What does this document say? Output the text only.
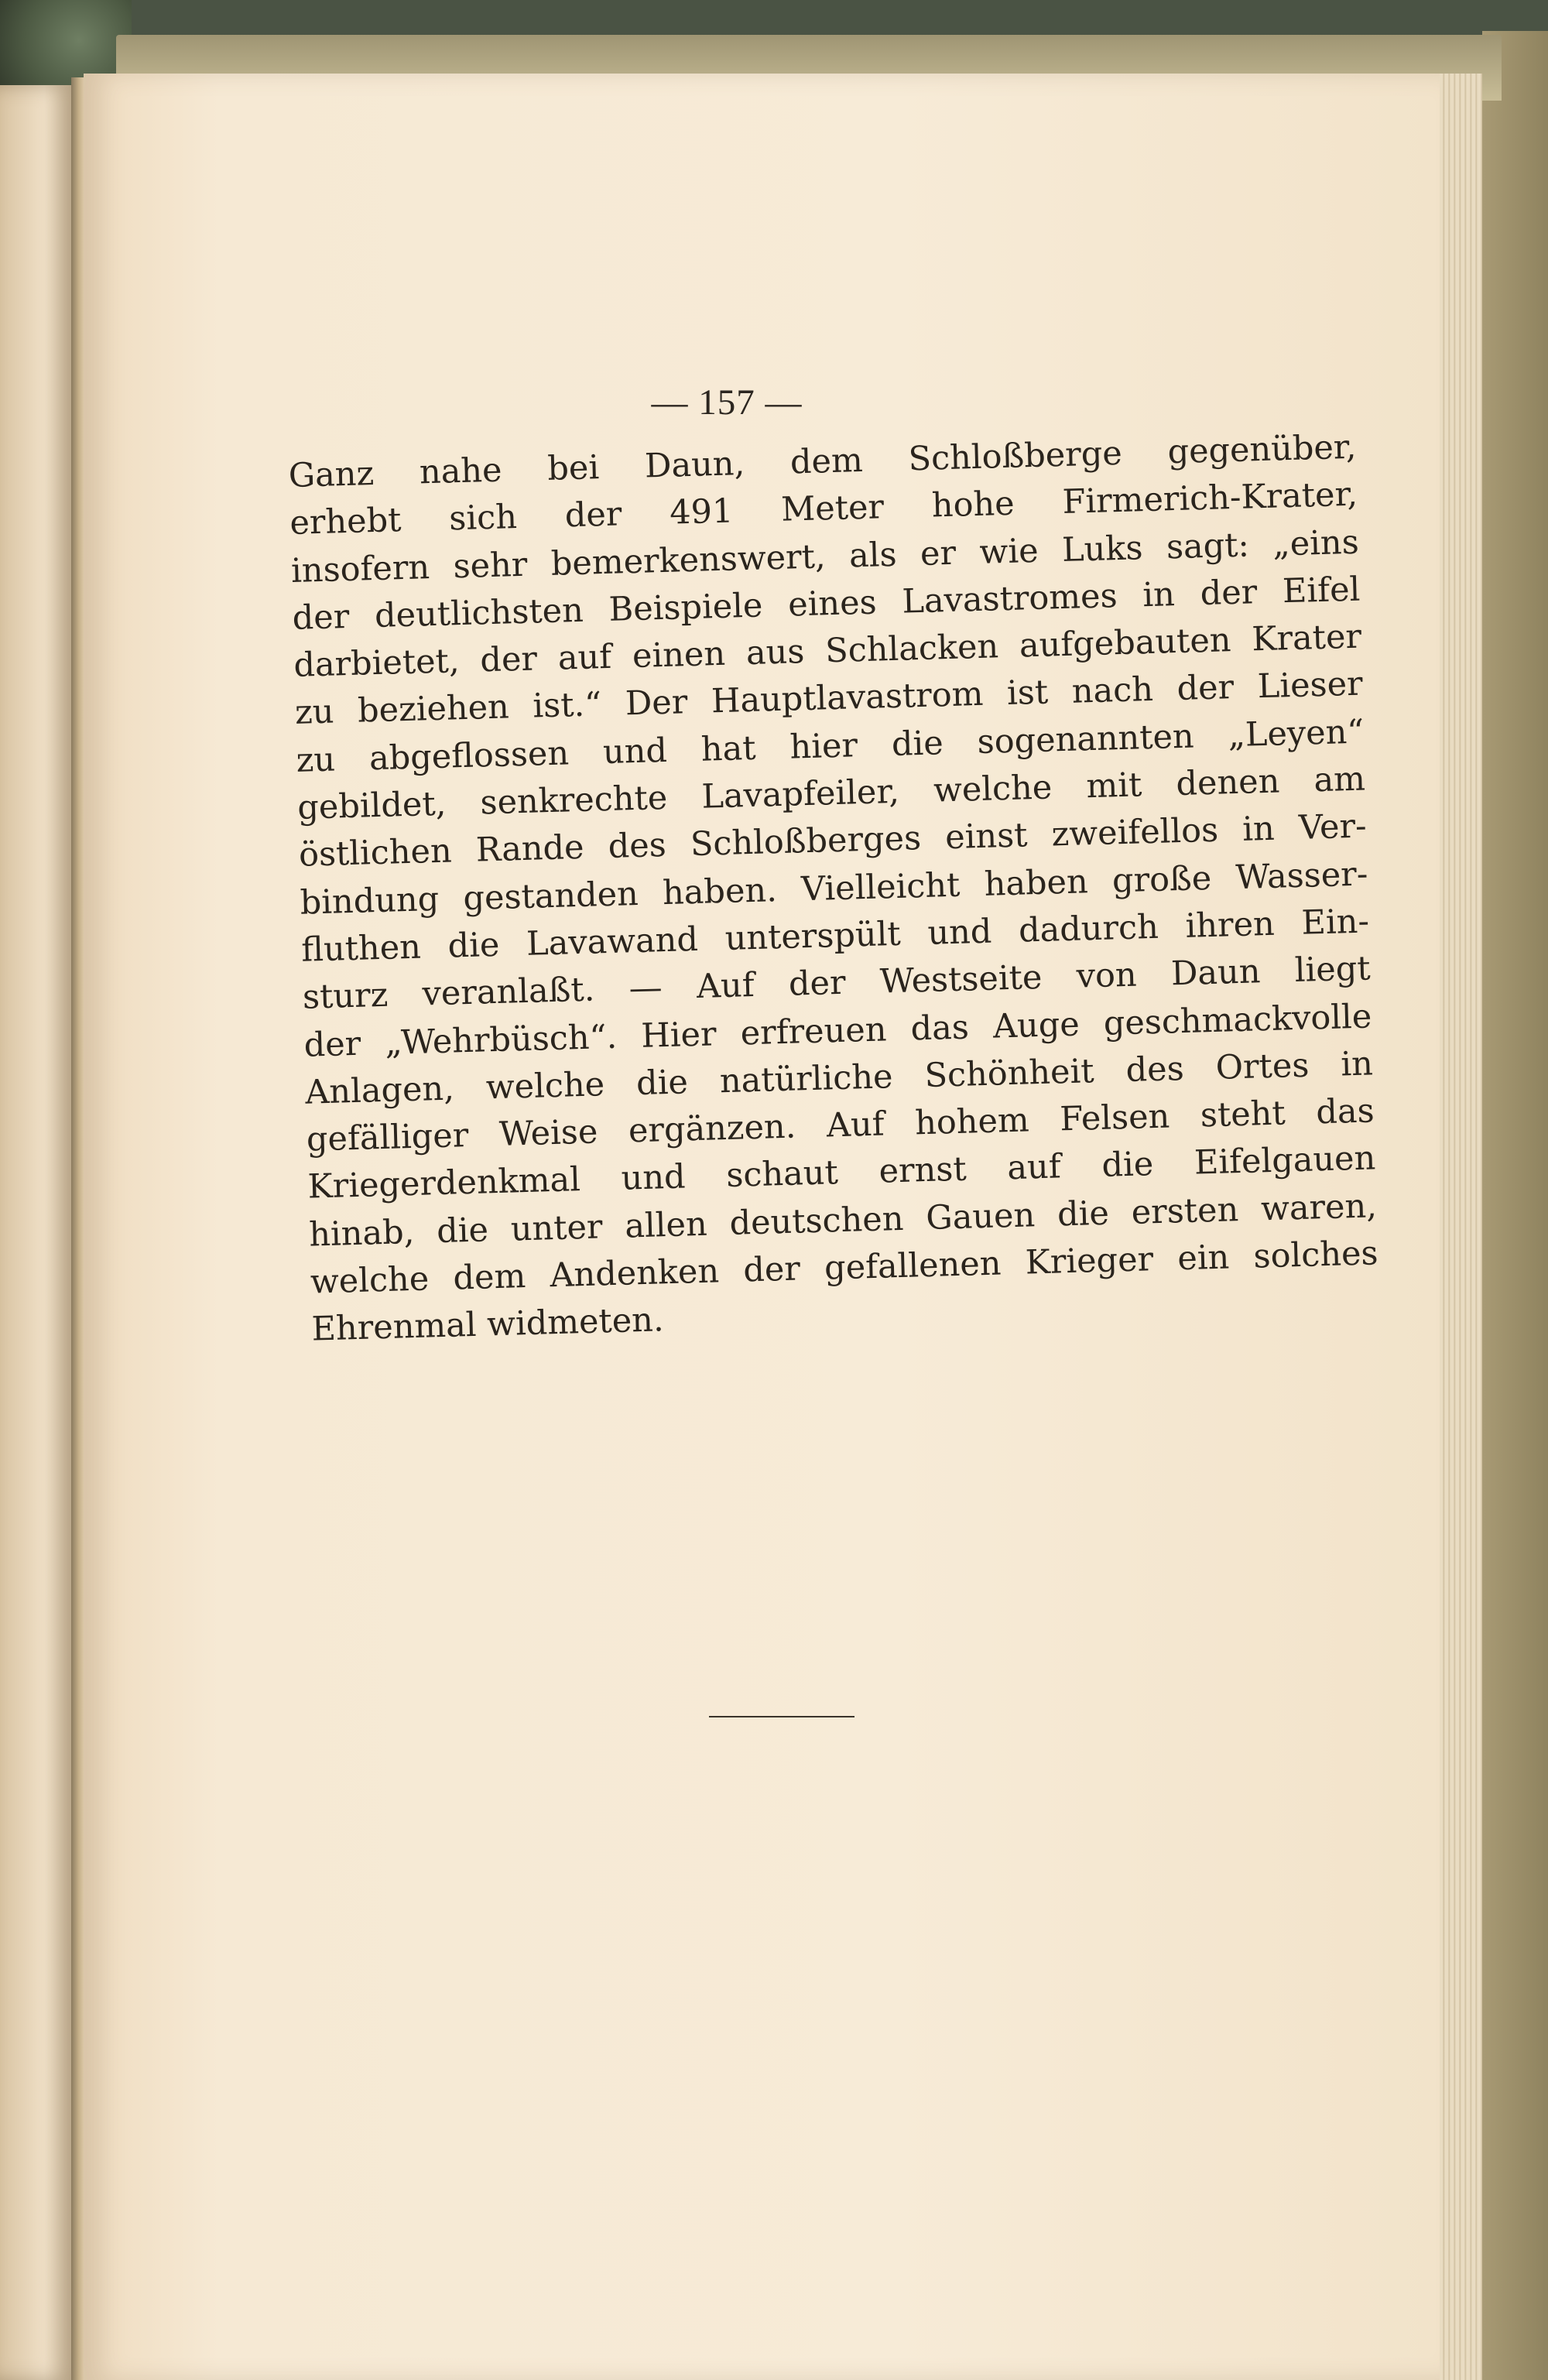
— 157 —
Ganz nahe bei Daun, dem Schloßberge gegenüber,
erhebt sich der 491 Meter hohe Firmerich-Krater,
insofern sehr bemerkenswert, als er wie Luks sagt: „eins
der deutlichsten Beispiele eines Lavastromes in der Eifel
darbietet, der auf einen aus Schlacken aufgebauten Krater
zu beziehen ist.“ Der Hauptlavastrom ist nach der Lieser
zu abgeflossen und hat hier die sogenannten „Leyen“
gebildet, senkrechte Lavapfeiler, welche mit denen am
östlichen Rande des Schloßberges einst zweifellos in Ver-
bindung gestanden haben. Vielleicht haben große Wasser-
fluthen die Lavawand unterspült und dadurch ihren Ein-
sturz veranlaßt. — Auf der Westseite von Daun liegt
der „Wehrbüsch“. Hier erfreuen das Auge geschmackvolle
Anlagen, welche die natürliche Schönheit des Ortes in
gefälliger Weise ergänzen. Auf hohem Felsen steht das
Kriegerdenkmal und schaut ernst auf die Eifelgauen
hinab, die unter allen deutschen Gauen die ersten waren,
welche dem Andenken der gefallenen Krieger ein solches
Ehrenmal widmeten.
